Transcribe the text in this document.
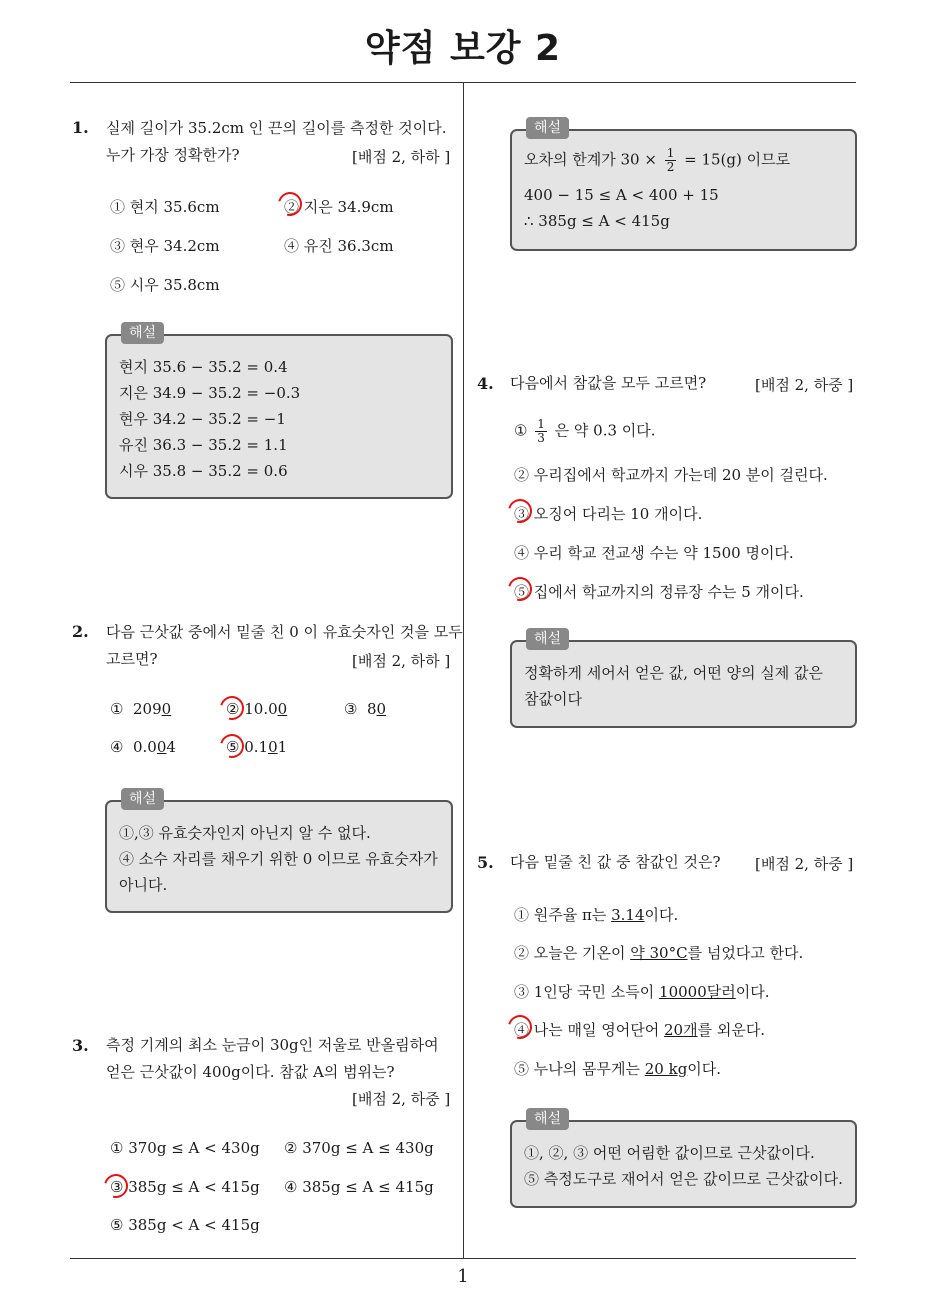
약점 보강 2
1
1. 실제 길이가 35.2cm 인 끈의 길이를 측정한 것이다.
누가 가장 정확한가?	[배점 2, 하하 ]
① 현지 35.6cm	② 지은 34.9cm
③ 현우 34.2cm	④ 유진 36.3cm
⑤ 시우 35.8cm
해설
현지 35.6 − 35.2 = 0.4
지은 34.9 − 35.2 = −0.3
현우 34.2 − 35.2 = −1
유진 36.3 − 35.2 = 1.1
시우 35.8 − 35.2 = 0.6
2. 다음 근삿값 중에서 밑줄 친 0 이 유효숫자인 것을 모두
고르면?	[배점 2, 하하 ]
① 2090	② 10.00	③ 80
④ 0.004	⑤ 0.101
해설
①,③ 유효숫자인지 아닌지 알 수 없다.
④ 소수 자리를 채우기 위한 0 이므로 유효숫자가
아니다.
3. 측정 기계의 최소 눈금이 30g인 저울로 반올림하여
얻은 근삿값이 400g이다. 참값 A의 범위는?
[배점 2, 하중 ]
① 370g ≤ A < 430g ② 370g ≤ A ≤ 430g
③ 385g ≤ A < 415g ④ 385g ≤ A ≤ 415g
⑤ 385g < A < 415g
해설
오차의 한계가 $30 \times \frac{1}{2} = 15(g)$ 이므로
400 − 15 ≤ A < 400 + 15
∴ 385g ≤ A < 415g
4. 다음에서 참값을 모두 고르면?	[배점 2, 하중 ]
① $\frac{1}{3}$ 은 약 0.3 이다.
② 우리집에서 학교까지 가는데 20 분이 걸린다.
③ 오징어 다리는 10 개이다.
④ 우리 학교 전교생 수는 약 1500 명이다.
⑤ 집에서 학교까지의 정류장 수는 5 개이다.
해설
정확하게 세어서 얻은 값, 어떤 양의 실제 값은
참값이다
5. 다음 밑줄 친 값 중 참값인 것은? [배점 2, 하중 ]
① 원주율 π는 3.14이다.
② 오늘은 기온이 약 30°C를 넘었다고 한다.
③ 1인당 국민 소득이 10000달러이다.
④ 나는 매일 영어단어 20개를 외운다.
⑤ 누나의 몸무게는 20 kg이다.
해설
①, ②, ③ 어떤 어림한 값이므로 근삿값이다.
⑤ 측정도구로 재어서 얻은 값이므로 근삿값이다.
